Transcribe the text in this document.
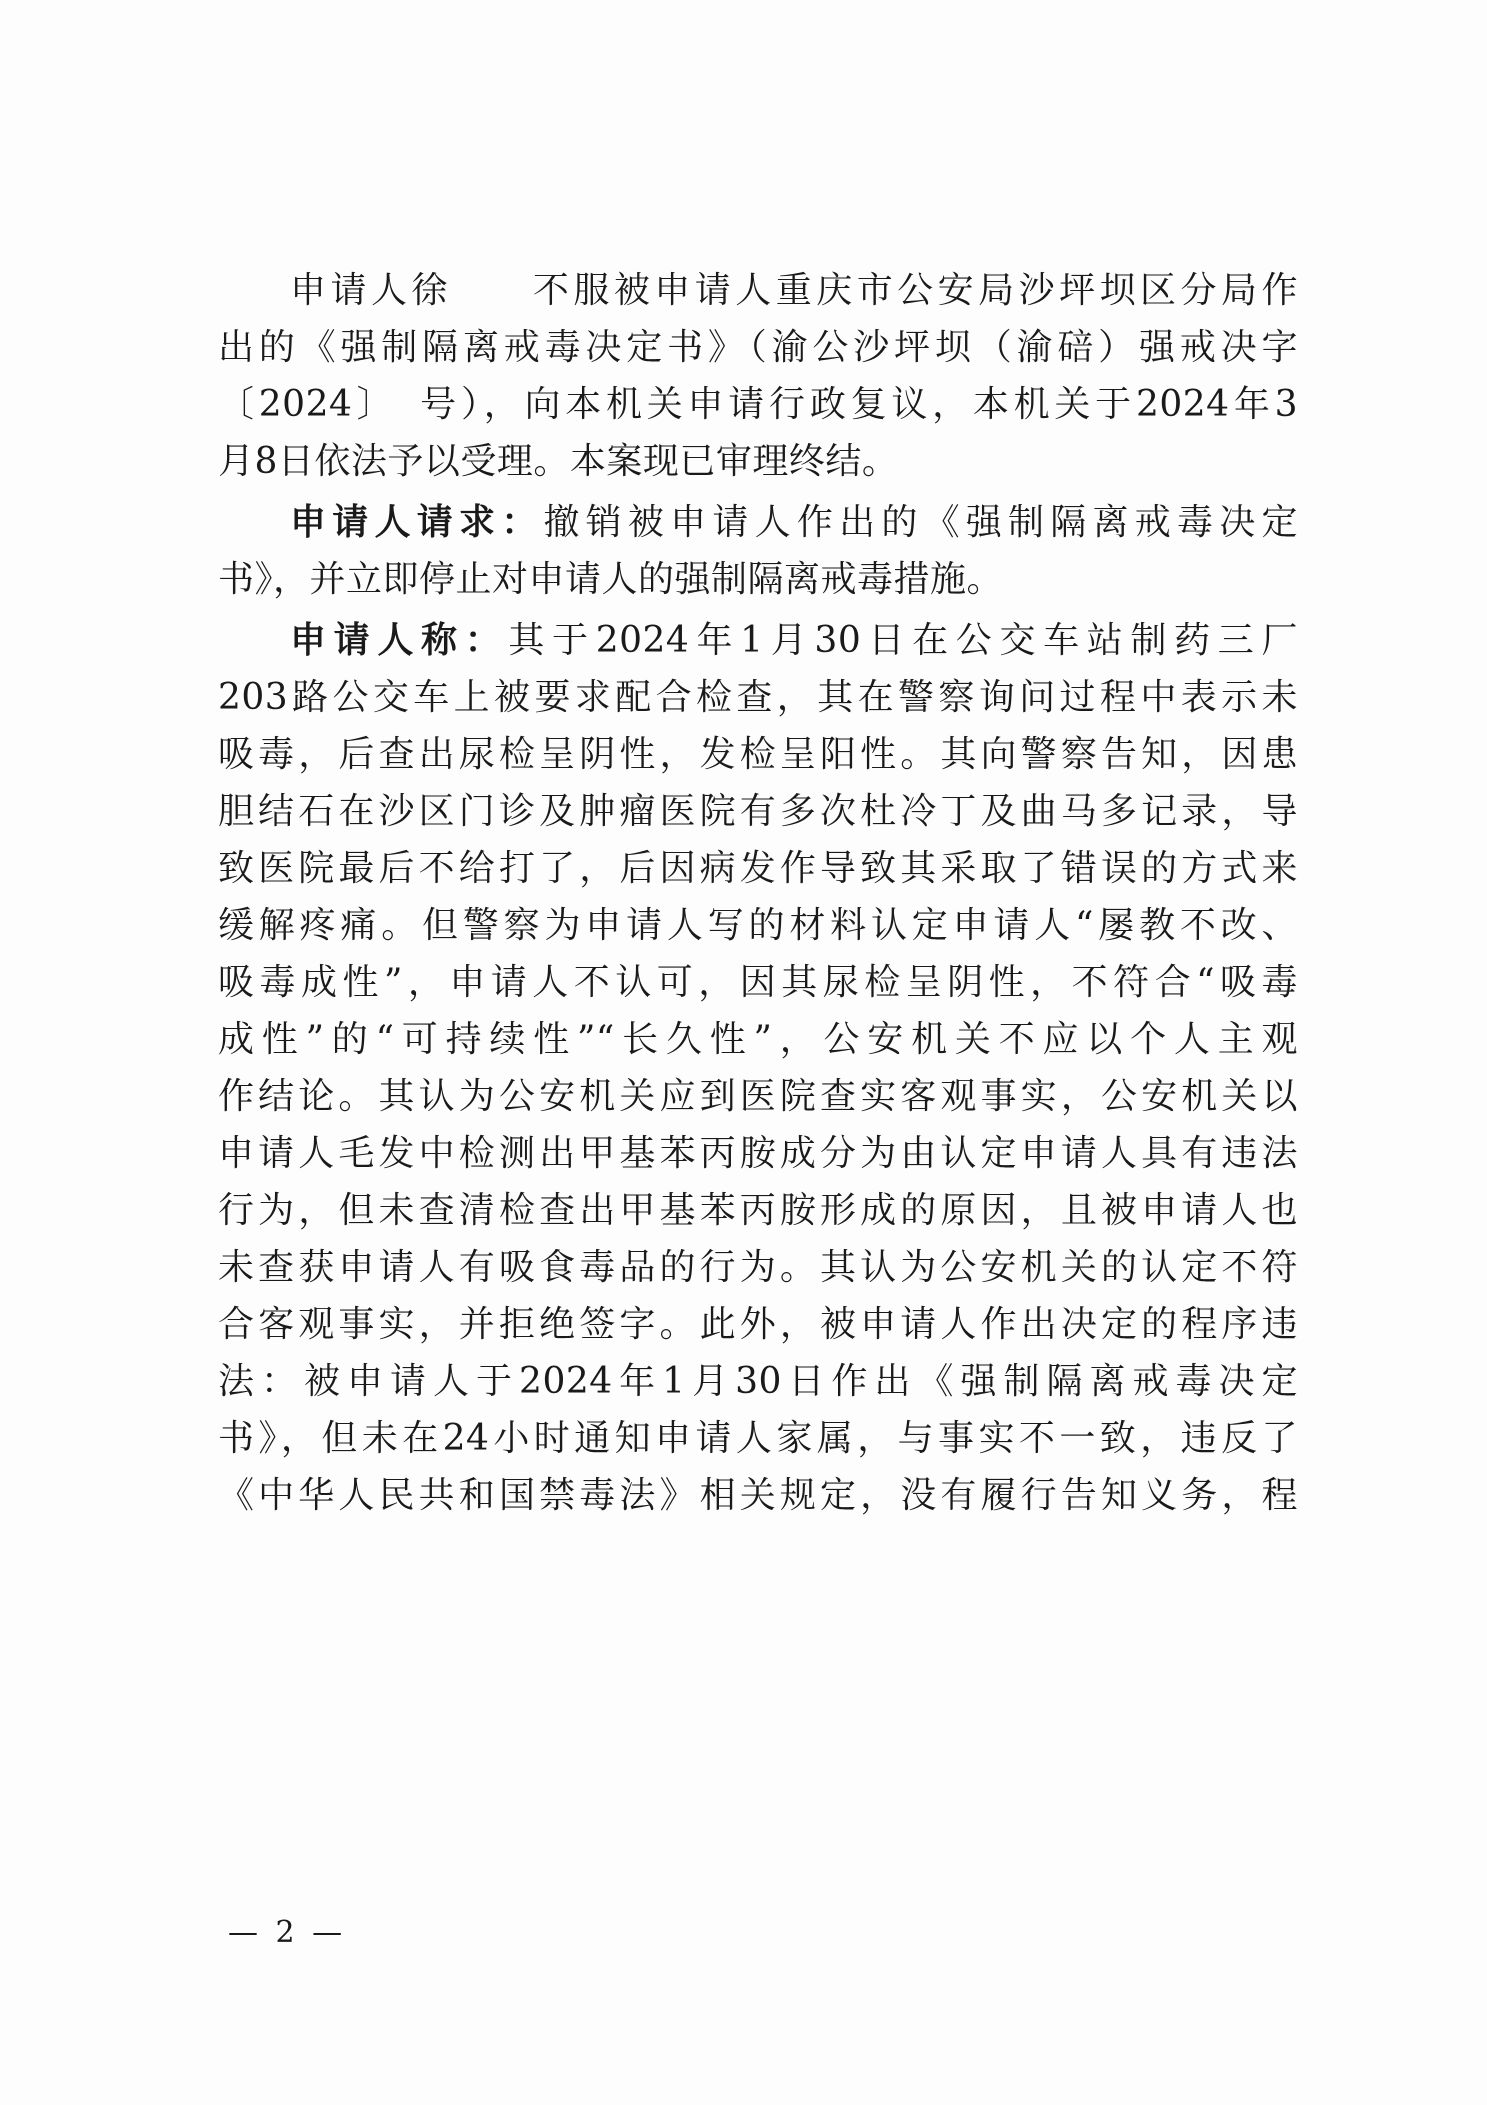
申请人徐　　不服被申请人重庆市公安局沙坪坝区分局作
出的《强制隔离戒毒决定书》（渝公沙坪坝（渝碚）强戒决字
〔2024〕　号），向本机关申请行政复议，本机关于2024年3
月8日依法予以受理。本案现已审理终结。
申请人请求：撤销被申请人作出的《强制隔离戒毒决定
书》，并立即停止对申请人的强制隔离戒毒措施。
申请人称：其于2024年1月30日在公交车站制药三厂
203路公交车上被要求配合检查，其在警察询问过程中表示未
吸毒，后查出尿检呈阴性，发检呈阳性。其向警察告知，因患
胆结石在沙区门诊及肿瘤医院有多次杜冷丁及曲马多记录，导
致医院最后不给打了，后因病发作导致其采取了错误的方式来
缓解疼痛。但警察为申请人写的材料认定申请人“屡教不改、
吸毒成性”，申请人不认可，因其尿检呈阴性，不符合“吸毒
成性”的“可持续性”“长久性”，公安机关不应以个人主观
作结论。其认为公安机关应到医院查实客观事实，公安机关以
申请人毛发中检测出甲基苯丙胺成分为由认定申请人具有违法
行为，但未查清检查出甲基苯丙胺形成的原因，且被申请人也
未查获申请人有吸食毒品的行为。其认为公安机关的认定不符
合客观事实，并拒绝签字。此外，被申请人作出决定的程序违
法：被申请人于2024年1月30日作出《强制隔离戒毒决定
书》，但未在24小时通知申请人家属，与事实不一致，违反了
《中华人民共和国禁毒法》相关规定，没有履行告知义务，程
— 2 —
